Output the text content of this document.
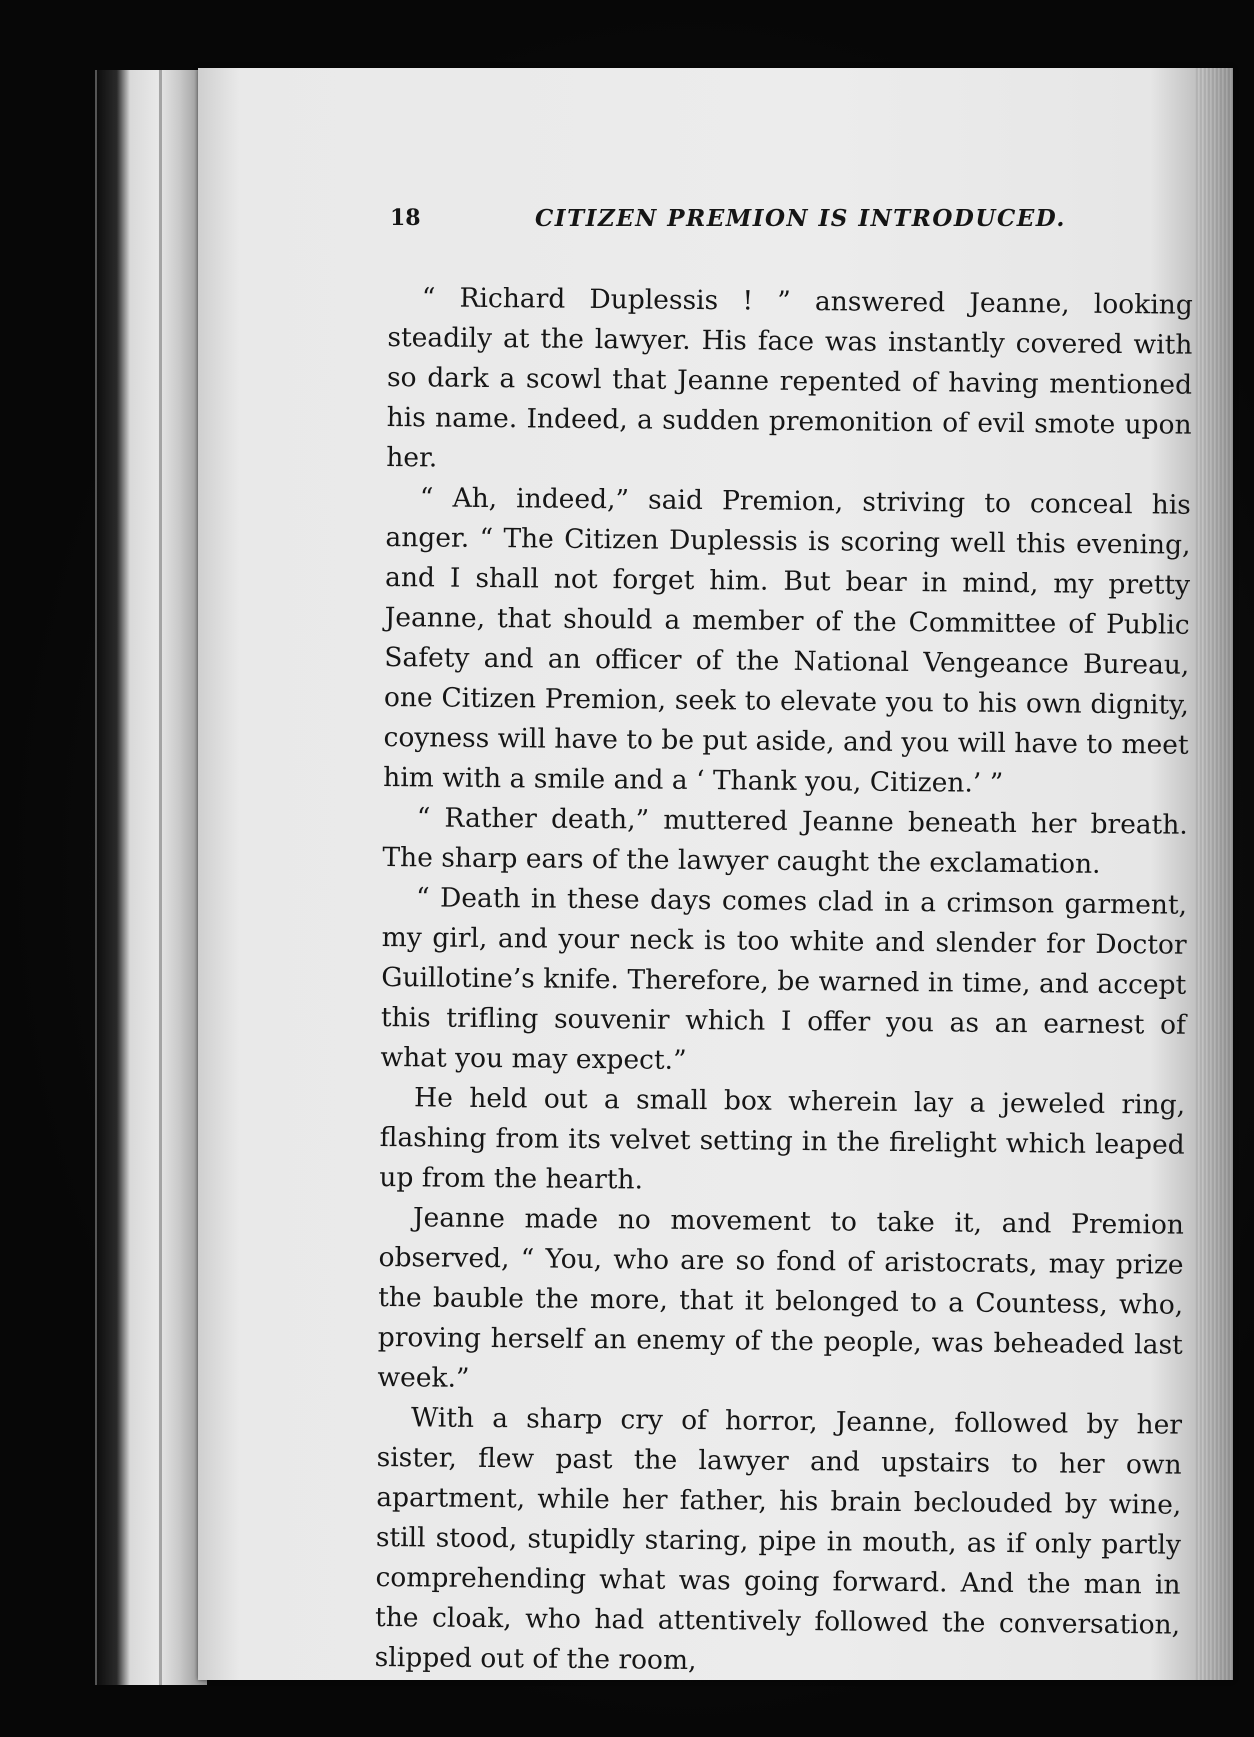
18	CITIZEN PREMION IS INTRODUCED.

“ Richard Duplessis ! ” answered Jeanne, looking steadily at the lawyer. His face was instantly covered with so dark a scowl that Jeanne repented of having mentioned his name. Indeed, a sudden premonition of evil smote upon her.

“ Ah, indeed,” said Premion, striving to conceal his anger. “ The Citizen Duplessis is scoring well this evening, and I shall not forget him. But bear in mind, my pretty Jeanne, that should a member of the Committee of Public Safety and an officer of the National Vengeance Bureau, one Citizen Premion, seek to elevate you to his own dignity, coyness will have to be put aside, and you will have to meet him with a smile and a ‘ Thank you, Citizen.’ ”

“ Rather death,” muttered Jeanne beneath her breath. The sharp ears of the lawyer caught the exclamation.

“ Death in these days comes clad in a crimson garment, my girl, and your neck is too white and slender for Doctor Guillotine’s knife. Therefore, be warned in time, and accept this trifling souvenir which I offer you as an earnest of what you may expect.”

He held out a small box wherein lay a jeweled ring, flashing from its velvet setting in the firelight which leaped up from the hearth.

Jeanne made no movement to take it, and Premion observed, “ You, who are so fond of aristocrats, may prize the bauble the more, that it belonged to a Countess, who, proving herself an enemy of the people, was beheaded last week.”

With a sharp cry of horror, Jeanne, followed by her sister, flew past the lawyer and upstairs to her own apartment, while her father, his brain beclouded by wine, still stood, stupidly staring, pipe in mouth, as if only partly comprehending what was going forward. And the man in the cloak, who had attentively followed the conversation, slipped out of the room,
